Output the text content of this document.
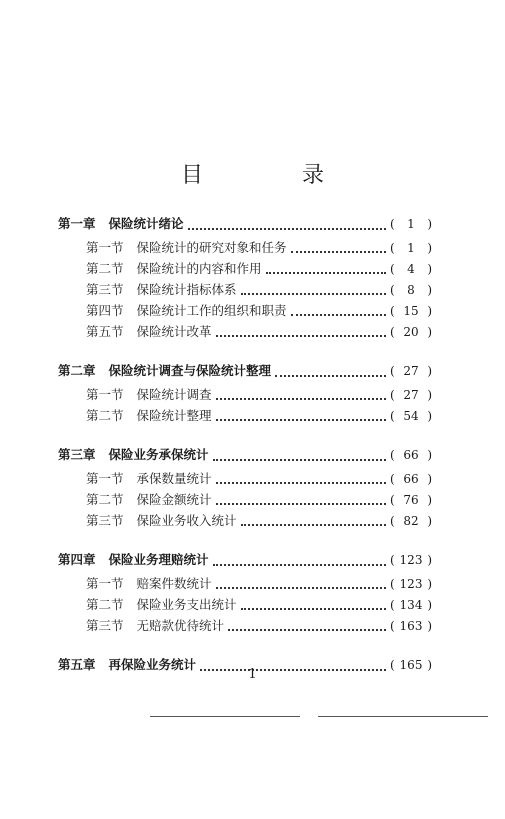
目 录
第一章 保险统计绪论	(	1	)
第一节 保险统计的研究对象和任务	(	1	)
第二节 保险统计的内容和作用	(	4	)
第三节 保险统计指标体系	(	8	)
第四节 保险统计工作的组织和职责	( 15 )
第五节 保险统计改革	( 20 )
第二章 保险统计调查与保险统计整理	( 27 )
第一节 保险统计调查	( 27 )
第二节 保险统计整理	( 54 )
第三章 保险业务承保统计	( 66 )
第一节 承保数量统计	( 66 )
第二节 保险金额统计	( 76 )
第三节 保险业务收入统计	( 82 )
第四章 保险业务理赔统计	( 123 )
第一节 赔案件数统计	( 123 )
第二节 保险业务支出统计	( 134 )
第三节 无赔款优待统计	( 163 )
第五章 再保险业务统计	( 165 )
1
